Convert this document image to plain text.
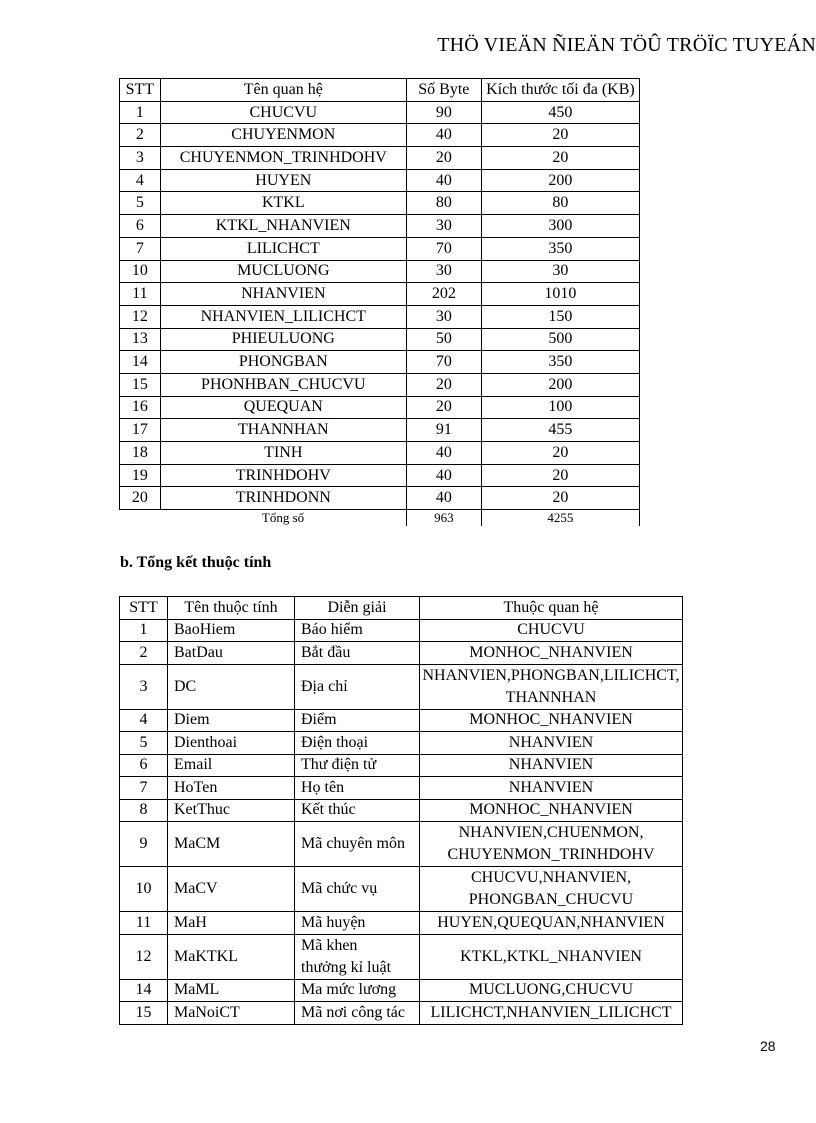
THÖ VIEÄN ÑIEÄN TÖÛ TRÖÏC TUYEÁN
STT	Tên quan hệ	Số Byte	Kích thước tối đa (KB)
1	CHUCVU	90	450
2	CHUYENMON	40	20
3	CHUYENMON_TRINHDOHV	20	20
4	HUYEN	40	200
5	KTKL	80	80
6	KTKL_NHANVIEN	30	300
7	LILICHCT	70	350
10	MUCLUONG	30	30
11	NHANVIEN	202	1010
12	NHANVIEN_LILICHCT	30	150
13	PHIEULUONG	50	500
14	PHONGBAN	70	350
15	PHONHBAN_CHUCVU	20	200
16	QUEQUAN	20	100
17	THANNHAN	91	455
18	TINH	40	20
19	TRINHDOHV	40	20
20	TRINHDONN	40	20
	Tổng số	963	4255
b. Tổng kết thuộc tính
STT	Tên thuộc tính	Diễn giải	Thuộc quan hệ
1	BaoHiem	Báo hiểm	CHUCVU

2	BatDau	Bắt đầu	MONHOC_NHANVIEN

3	DC	Địa chỉ	NHANVIEN,PHONGBAN,LILICHCT,
THANNHAN

4	Diem	Điểm	MONHOC_NHANVIEN

5	Dienthoai	Điện thoại	NHANVIEN

6	Email	Thư điện tử	NHANVIEN

7	HoTen	Họ tên	NHANVIEN

8	KetThuc	Kết thúc	MONHOC_NHANVIEN

9	MaCM	Mã chuyên môn	NHANVIEN,CHUENMON,
CHUYENMON_TRINHDOHV

10	MaCV	Mã chức vụ	CHUCVU,NHANVIEN,
PHONGBAN_CHUCVU

11	MaH	Mã huyện	HUYEN,QUEQUAN,NHANVIEN

12	MaKTKL	Mã khen
thưởng kỉ luật	KTKL,KTKL_NHANVIEN

14	MaML	Ma mức lương	MUCLUONG,CHUCVU

15	MaNoiCT	Mã nơi công tác	LILICHCT,NHANVIEN_LILICHCT
28
